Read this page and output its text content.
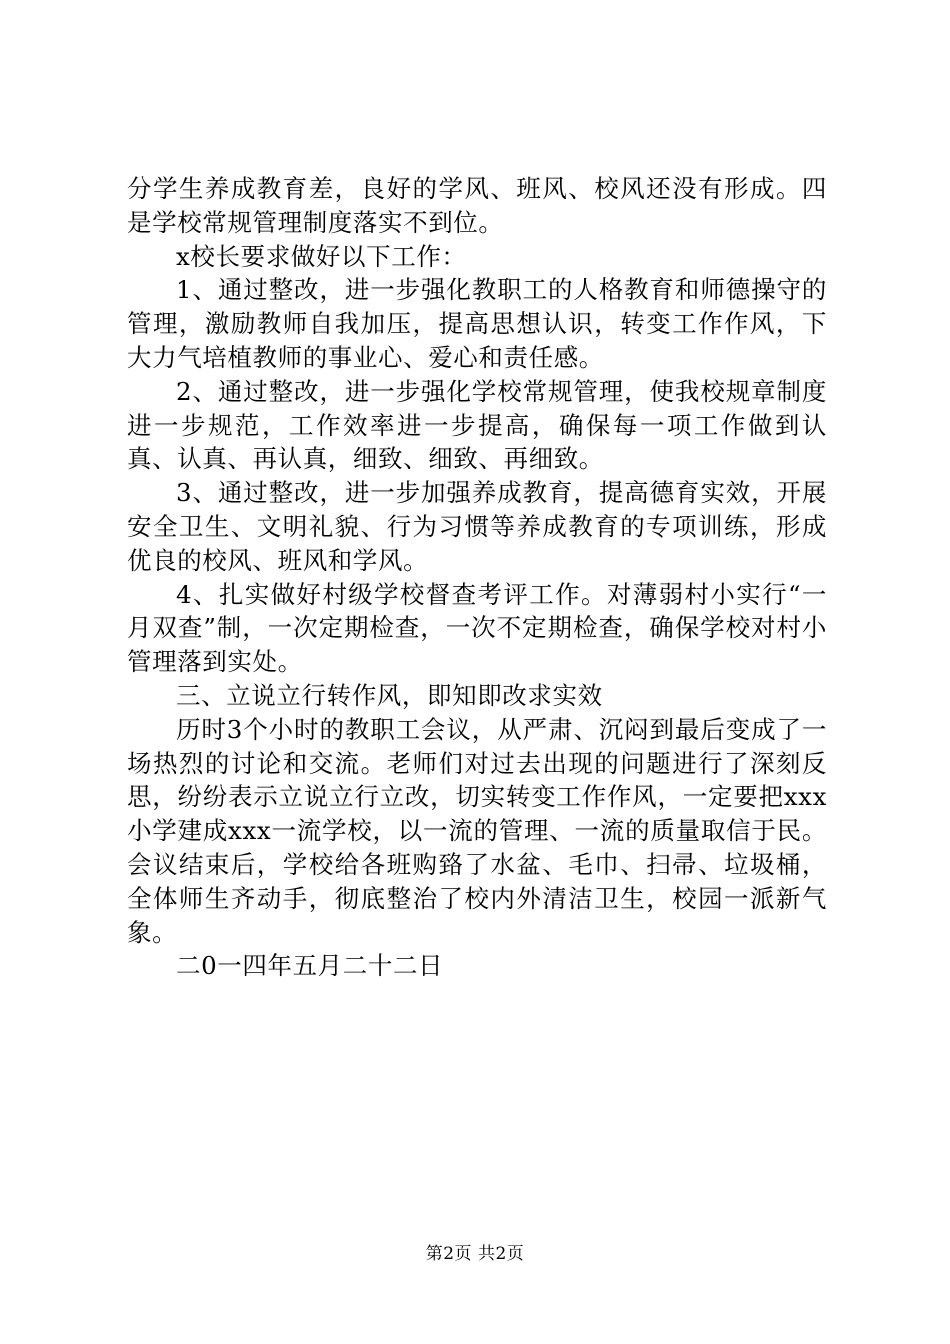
分学生养成教育差，良好的学风、班风、校风还没有形成。四是学校常规管理制度落实不到位。

x校长要求做好以下工作：

1、通过整改，进一步强化教职工的人格教育和师德操守的管理，激励教师自我加压，提高思想认识，转变工作作风，下大力气培植教师的事业心、爱心和责任感。

2、通过整改，进一步强化学校常规管理，使我校规章制度进一步规范，工作效率进一步提高，确保每一项工作做到认真、认真、再认真，细致、细致、再细致。

3、通过整改，进一步加强养成教育，提高德育实效，开展安全卫生、文明礼貌、行为习惯等养成教育的专项训练，形成优良的校风、班风和学风。

4、扎实做好村级学校督查考评工作。对薄弱村小实行“一月双查”制，一次定期检查，一次不定期检查，确保学校对村小管理落到实处。

三、立说立行转作风，即知即改求实效

历时3个小时的教职工会议，从严肃、沉闷到最后变成了一场热烈的讨论和交流。老师们对过去出现的问题进行了深刻反思，纷纷表示立说立行立改，切实转变工作作风，一定要把xxx小学建成xxx一流学校，以一流的管理、一流的质量取信于民。会议结束后，学校给各班购臵了水盆、毛巾、扫帚、垃圾桶，全体师生齐动手，彻底整治了校内外清洁卫生，校园一派新气象。

二0一四年五月二十二日

第2页 共2页
